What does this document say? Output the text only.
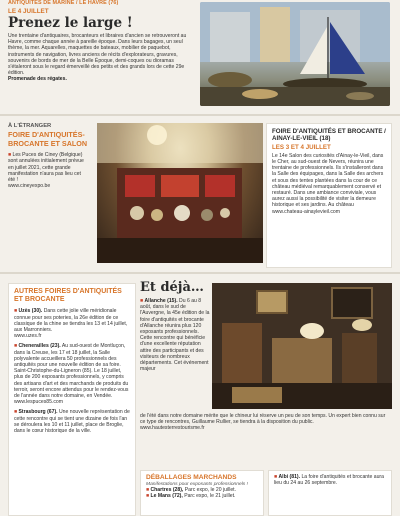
ANTIQUITÉS DE MARINE / LE HAVRE (76)
LE 4 JUILLET
Prenez le large !
Une trentaine d'antiquaires, brocanteurs et libraires d'ancien se retrouveront au Havre, comme chaque année à pareille époque. Dans leurs bagages, un seul thème, la mer. Aquarelles, maquettes de bateaux, mobilier de paquebot, instruments de navigation, livres anciens de récits d'explorateurs, gravures, souvenirs de bords de mer de la Belle Époque, demi-coques ou dioramas s'étaleront sous le regard émerveillé des petits et des grands lors de cette 29e édition.
Promenade des régates.
À L'ÉTRANGER
FOIRE D'ANTIQUITÉS-BROCANTE ET SALON
■ Les Puces de Ciney (Belgique) sont annulées initialement prévue en juillet 2021, cette grande manifestation n'aura pas lieu cet été !
www.cineyexpo.be
FOIRE D'ANTIQUITÉS ET BROCANTE / AINAY-LE-VIEIL (18)
LES 3 ET 4 JUILLET
Le 14e Salon des curiosités d'Ainay-le-Vieil, dans le Cher, au sud-ouest de Nevers, réunira une trentaine de professionnels. Ils s'installeront dans la Salle des équipages, dans la Salle des archers et sous des tentes plantées dans la cour de ce château médiéval remarquablement conservé et restauré. Dans une ambiance conviviale, vous aurez aussi la possibilité de visiter la demeure historique et ses jardins. Au château
www.chateau-ainaylevieil.com
AUTRES FOIRES D'ANTIQUITÉS ET BROCANTE
■ Uzès (30). Dans cette jolie ville méridionale connue pour ses poteries, la 26e édition de ce classique de la chine se tiendra les 13 et 14 juillet, aux Marronniers.
www.uzes.fr
■ Chenerailles (23). Au sud-ouest de Montluçon, dans la Creuse, les 17 et 18 juillet, la Salle polyvalente accueillera 50 professionnels des antiquités pour une nouvelle édition de sa foire. Saint-Christophe-du-Ligneron (85). Le 18 juillet, plus de 200 exposants professionnels, y compris des artisans d'art et des marchands de produits du terroir, seront encore attendus pour le rendez-vous de l'année dans notre domaine, en Vendée.
www.lespuces85.com
■ Strasbourg (67). Une nouvelle représentation de cette rencontre qui se tient une dizaine de fois l'an se déroulera les 10 et 11 juillet, place de Broglie, dans le cœur historique de la ville.
Et déjà…
■ Allanche (15). Du 6 au 8 août, dans le sud de l'Auvergne, la 45e édition de la foire d'antiquités et brocante d'Allanche réunira plus 120 exposants professionnels. Cette rencontre qui bénéficie d'une excellente réputation attire des participants et des visiteurs de nombreux départements. Cet événement majeur
de l'été dans notre domaine mérite que le chineur lui réserve un peu de son temps. Un expert bien connu sur ce type de rencontres, Guillaume Rullier, se tiendra à la disposition du public.
www.hautesterrestourisme.fr
DÉBALLAGES MARCHANDS
Manifestations pour exposants professionnels !
■ Chartres (28), Parc expo, le 20 juillet.
■ Le Mans (72), Parc expo, le 21 juillet.
■ Albi (81). La foire d'antiquités et brocante aura lieu du 24 au 26 septembre.
